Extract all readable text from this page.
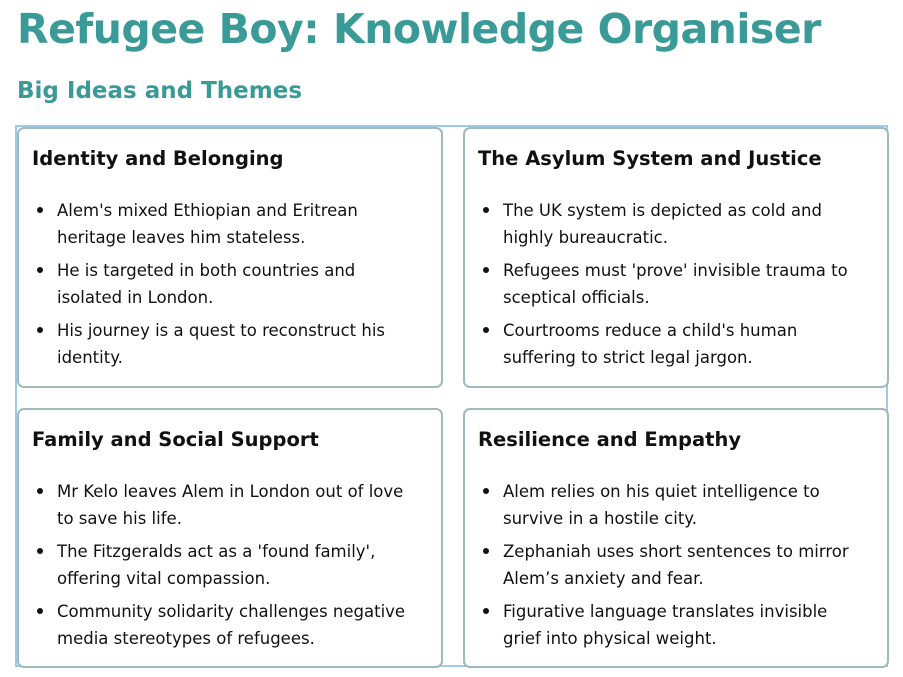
Refugee Boy: Knowledge Organiser
Big Ideas and Themes
Identity and Belonging
Alem's mixed Ethiopian and Eritrean heritage leaves him stateless.
He is targeted in both countries and isolated in London.
His journey is a quest to reconstruct his identity.
The Asylum System and Justice
The UK system is depicted as cold and highly bureaucratic.
Refugees must 'prove' invisible trauma to sceptical officials.
Courtrooms reduce a child's human suffering to strict legal jargon.
Family and Social Support
Mr Kelo leaves Alem in London out of love to save his life.
The Fitzgeralds act as a 'found family', offering vital compassion.
Community solidarity challenges negative media stereotypes of refugees.
Resilience and Empathy
Alem relies on his quiet intelligence to survive in a hostile city.
Zephaniah uses short sentences to mirror Alem’s anxiety and fear.
Figurative language translates invisible grief into physical weight.
